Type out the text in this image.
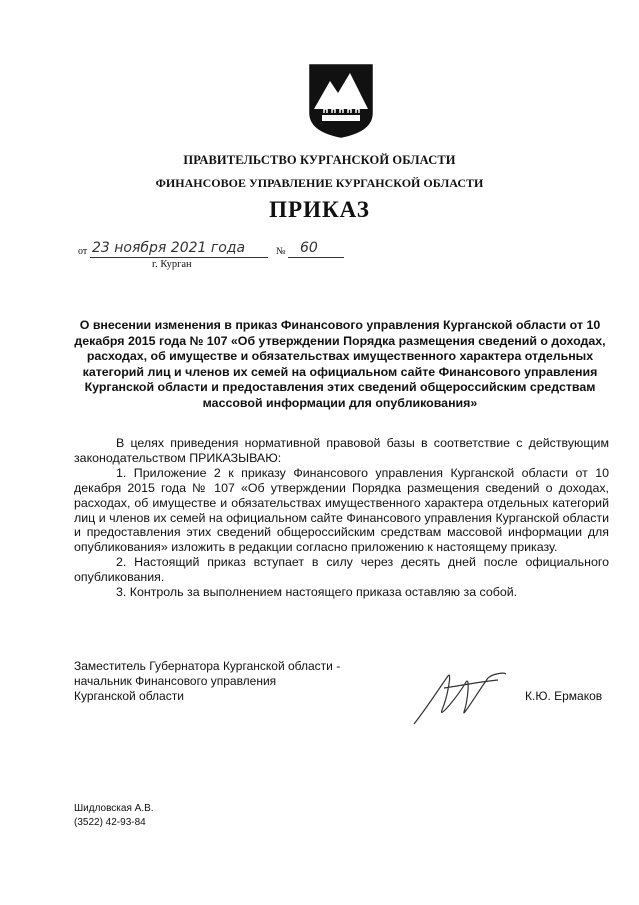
ПРАВИТЕЛЬСТВО КУРГАНСКОЙ ОБЛАСТИ
ФИНАНСОВОЕ УПРАВЛЕНИЕ КУРГАНСКОЙ ОБЛАСТИ
ПРИКАЗ
от 23 ноября 2021 года	№ 60
г. Курган
О внесении изменения в приказ Финансового управления Курганской области от 10 декабря 2015 года № 107 «Об утверждении Порядка размещения сведений о доходах, расходах, об имуществе и обязательствах имущественного характера отдельных категорий лиц и членов их семей на официальном сайте Финансового управления Курганской области и предоставления этих сведений общероссийским средствам массовой информации для опубликования»

В целях приведения нормативной правовой базы в соответствие с действующим законодательством ПРИКАЗЫВАЮ:

1. Приложение 2 к приказу Финансового управления Курганской области от 10 декабря 2015 года № 107 «Об утверждении Порядка размещения сведений о доходах, расходах, об имуществе и обязательствах имущественного характера отдельных категорий лиц и членов их семей на официальном сайте Финансового управления Курганской области и предоставления этих сведений общероссийским средствам массовой информации для опубликования» изложить в редакции согласно приложению к настоящему приказу.

2. Настоящий приказ вступает в силу через десять дней после официального опубликования.

3. Контроль за выполнением настоящего приказа оставляю за собой.

Заместитель Губернатора Курганской области -
начальник Финансового управления
Курганской области	К.Ю. Ермаков
Шидловская А.В.
(3522) 42-93-84
